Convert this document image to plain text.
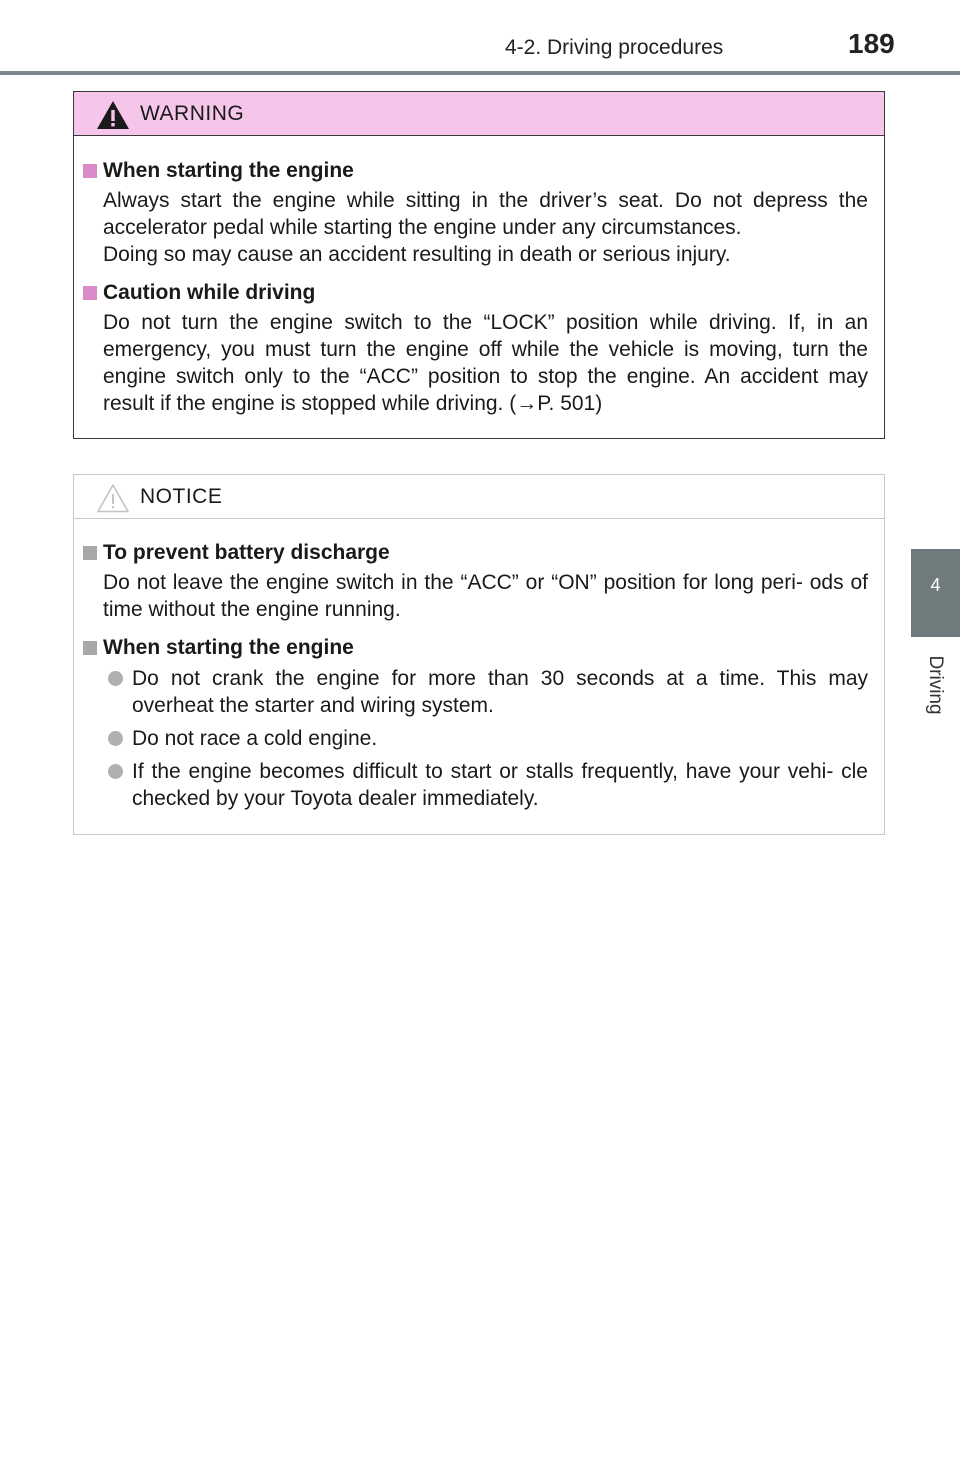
4-2. Driving procedures	189
4
Driving
WARNING
When starting the engine
Always start the engine while sitting in the driver’s seat. Do not depress the accelerator pedal while starting the engine under any circumstances.
Doing so may cause an accident resulting in death or serious injury.
Caution while driving
Do not turn the engine switch to the “LOCK” position while driving. If, in an emergency, you must turn the engine off while the vehicle is moving, turn the engine switch only to the “ACC” position to stop the engine. An accident may result if the engine is stopped while driving. (→P. 501)
NOTICE
To prevent battery discharge
Do not leave the engine switch in the “ACC” or “ON” position for long peri- ods of time without the engine running.
When starting the engine
Do not crank the engine for more than 30 seconds at a time. This may overheat the starter and wiring system.
Do not race a cold engine.
If the engine becomes difficult to start or stalls frequently, have your vehi- cle checked by your Toyota dealer immediately.
